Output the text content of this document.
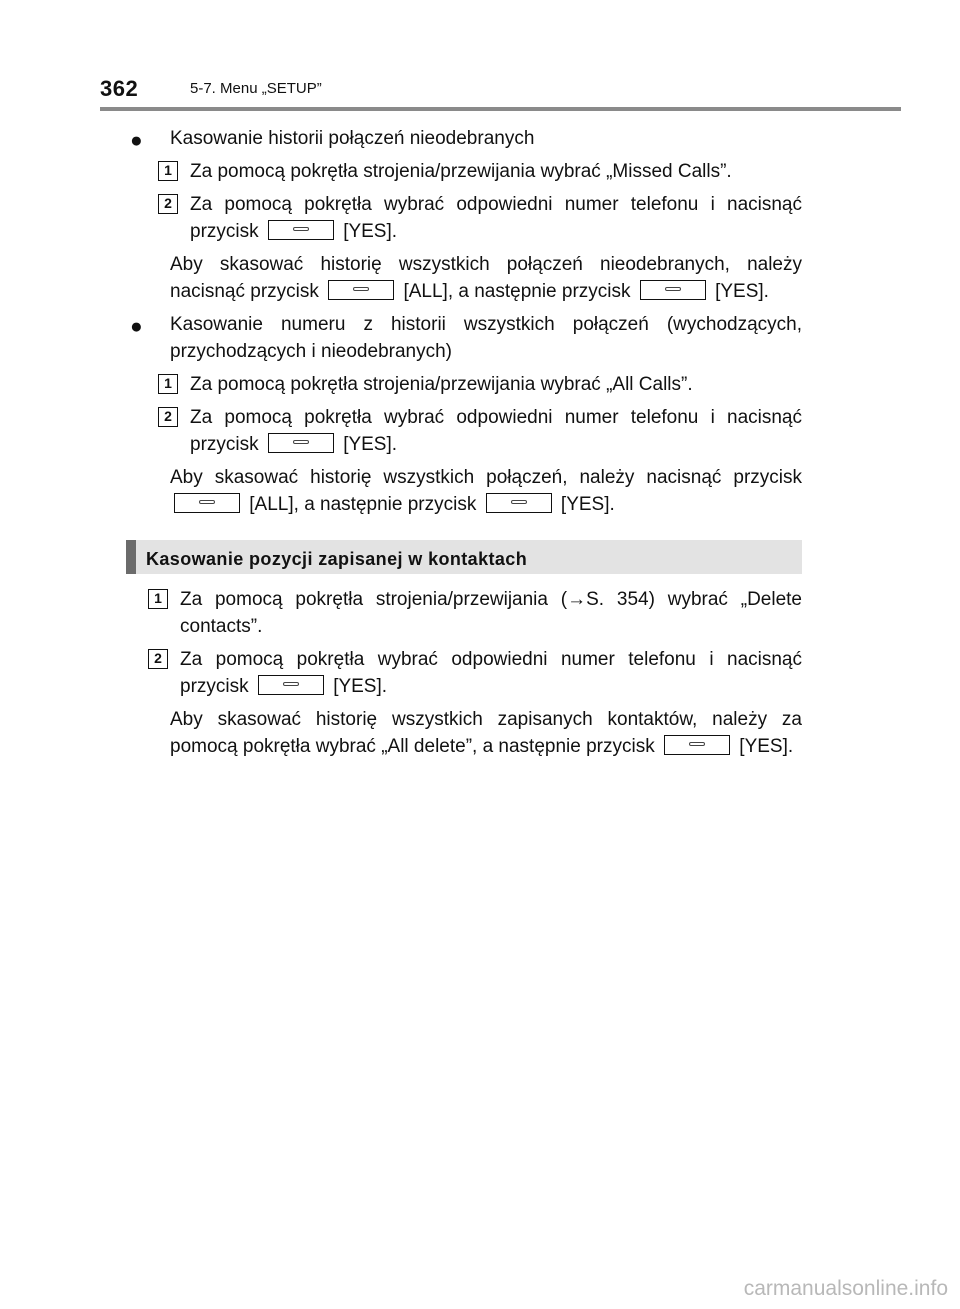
362	5-7. Menu „SETUP”
● Kasowanie historii połączeń nieodebranych
1 Za pomocą pokrętła strojenia/przewijania wybrać „Missed Calls”.
2 Za pomocą pokrętła wybrać odpowiedni numer telefonu i nacisnąć przycisk	[YES].
Aby skasować historię wszystkich połączeń nieodebranych, należy nacisnąć przycisk	[ALL], a następnie przycisk	[YES].
● Kasowanie numeru z historii wszystkich połączeń (wychodzących, przychodzących i nieodebranych)
1 Za pomocą pokrętła strojenia/przewijania wybrać „All Calls”.
2 Za pomocą pokrętła wybrać odpowiedni numer telefonu i nacisnąć przycisk	[YES].
Aby skasować historię wszystkich połączeń, należy nacisnąć przycisk  [ALL], a następnie przycisk	[YES].
Kasowanie pozycji zapisanej w kontaktach
1 Za pomocą pokrętła strojenia/przewijania (→S. 354) wybrać „Delete contacts”.
2 Za pomocą pokrętła wybrać odpowiedni numer telefonu i nacisnąć przycisk	[YES].
Aby skasować historię wszystkich zapisanych kontaktów, należy za pomocą pokrętła wybrać „All delete”, a następnie przycisk	[YES].
carmanualsonline.info
